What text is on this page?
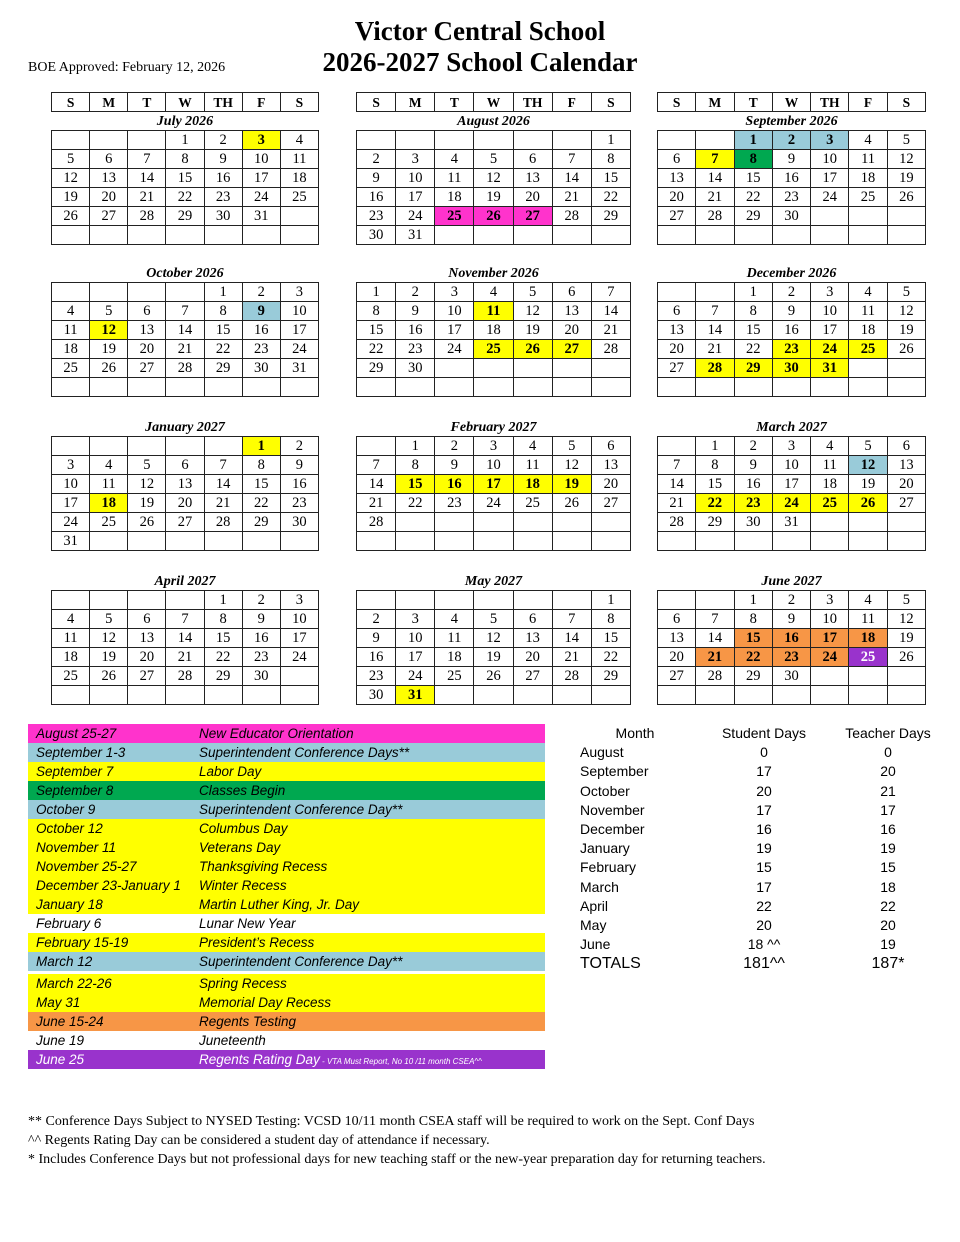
Victor Central School
2026-2027 School Calendar
BOE Approved: February 12, 2026
S	M	T	W	TH	F	S
July 2026						
			1	2	3	4
5	6	7	8	9	10	11
12	13	14	15	16	17	18
19	20	21	22	23	24	25
26	27	28	29	30	31	

S	M	T	W	TH	F	S
August 2026						
						1
2	3	4	5	6	7	8
9	10	11	12	13	14	15
16	17	18	19	20	21	22
23	24	25	26	27	28	29
30	31					
S	M	T	W	TH	F	S
September 2026						
		1	2	3	4	5
6	7	8	9	10	11	12
13	14	15	16	17	18	19
20	21	22	23	24	25	26
27	28	29	30			

October 2026						
				1	2	3
4	5	6	7	8	9	10
11	12	13	14	15	16	17
18	19	20	21	22	23	24
25	26	27	28	29	30	31

November 2026						
1	2	3	4	5	6	7
8	9	10	11	12	13	14
15	16	17	18	19	20	21
22	23	24	25	26	27	28
29	30					

December 2026						
		1	2	3	4	5
6	7	8	9	10	11	12
13	14	15	16	17	18	19
20	21	22	23	24	25	26
27	28	29	30	31		

January 2027						
					1	2
3	4	5	6	7	8	9
10	11	12	13	14	15	16
17	18	19	20	21	22	23
24	25	26	27	28	29	30
31						
February 2027						
	1	2	3	4	5	6
7	8	9	10	11	12	13
14	15	16	17	18	19	20
21	22	23	24	25	26	27
28						

March 2027						
	1	2	3	4	5	6
7	8	9	10	11	12	13
14	15	16	17	18	19	20
21	22	23	24	25	26	27
28	29	30	31			

April 2027						
				1	2	3
4	5	6	7	8	9	10
11	12	13	14	15	16	17
18	19	20	21	22	23	24
25	26	27	28	29	30	

May 2027						
						1
2	3	4	5	6	7	8
9	10	11	12	13	14	15
16	17	18	19	20	21	22
23	24	25	26	27	28	29
30	31					
June 2027						
		1	2	3	4	5
6	7	8	9	10	11	12
13	14	15	16	17	18	19
20	21	22	23	24	25	26
27	28	29	30			

August 25-27	New Educator Orientation
September 1-3	Superintendent Conference Days**
September 7	Labor Day
September 8	Classes Begin
October 9	Superintendent Conference Day**
October 12	Columbus Day
November 11	Veterans Day
November 25-27	Thanksgiving Recess
December 23-January 1	Winter Recess
January 18	Martin Luther King, Jr. Day
February 6	Lunar New Year
February 15-19	President’s Recess
March 12	Superintendent Conference Day**
March 22-26	Spring Recess
May 31	Memorial Day Recess
June 15-24	Regents Testing
June 19	Juneteenth
June 25	Regents Rating Day - VTA Must Report, No 10 /11 month CSEA^^
Month	Student Days	Teacher Days
August	0	0
September	17	20
October	20	21
November	17	17
December	16	16
January	19	19
February	15	15
March	17	18
April	22	22
May	20	20
June	18 ^^	19
TOTALS	181^^	187*
** Conference Days Subject to NYSED Testing: VCSD 10/11 month CSEA staff will be required to work on the Sept. Conf Days
^^ Regents Rating Day can be considered a student day of attendance if necessary.
* Includes Conference Days but not professional days for new teaching staff or the new-year preparation day for returning teachers.
